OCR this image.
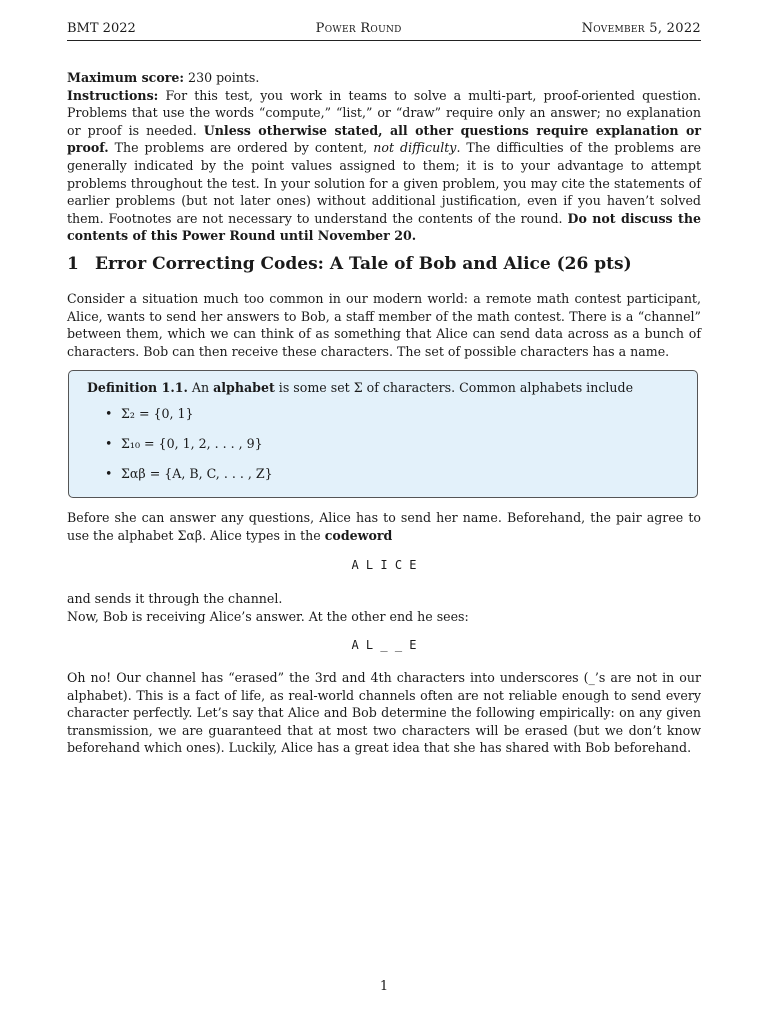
BMT 2022	Power Round	November 5, 2022

Maximum score: 230 points.
Instructions: For this test, you work in teams to solve a multi-part, proof-oriented question. Problems that use the words “compute,” “list,” or “draw” require only an answer; no explanation or proof is needed. Unless otherwise stated, all other questions require explanation or proof. The problems are ordered by content, not difficulty. The difficulties of the problems are generally indicated by the point values assigned to them; it is to your advantage to attempt problems throughout the test. In your solution for a given problem, you may cite the statements of earlier problems (but not later ones) without additional justification, even if you haven’t solved them. Footnotes are not necessary to understand the contents of the round. Do not discuss the contents of this Power Round until November 20.

1 Error Correcting Codes: A Tale of Bob and Alice (26 pts)

Consider a situation much too common in our modern world: a remote math contest participant, Alice, wants to send her answers to Bob, a staff member of the math contest. There is a “channel” between them, which we can think of as something that Alice can send data across as a bunch of characters. Bob can then receive these characters. The set of possible characters has a name.

Definition 1.1. An alphabet is some set Σ of characters. Common alphabets include
• Σ₂ = {0, 1}
• Σ₁₀ = {0, 1, 2, . . . , 9}
• Σαβ = {A, B, C, . . . , Z}

Before she can answer any questions, Alice has to send her name. Beforehand, the pair agree to use the alphabet Σαβ. Alice types in the codeword

A L I C E

and sends it through the channel.
Now, Bob is receiving Alice’s answer. At the other end he sees:

A L _ _ E

Oh no! Our channel has “erased” the 3rd and 4th characters into underscores (_’s are not in our alphabet). This is a fact of life, as real-world channels often are not reliable enough to send every character perfectly. Let’s say that Alice and Bob determine the following empirically: on any given transmission, we are guaranteed that at most two characters will be erased (but we don’t know beforehand which ones). Luckily, Alice has a great idea that she has shared with Bob beforehand.

1
